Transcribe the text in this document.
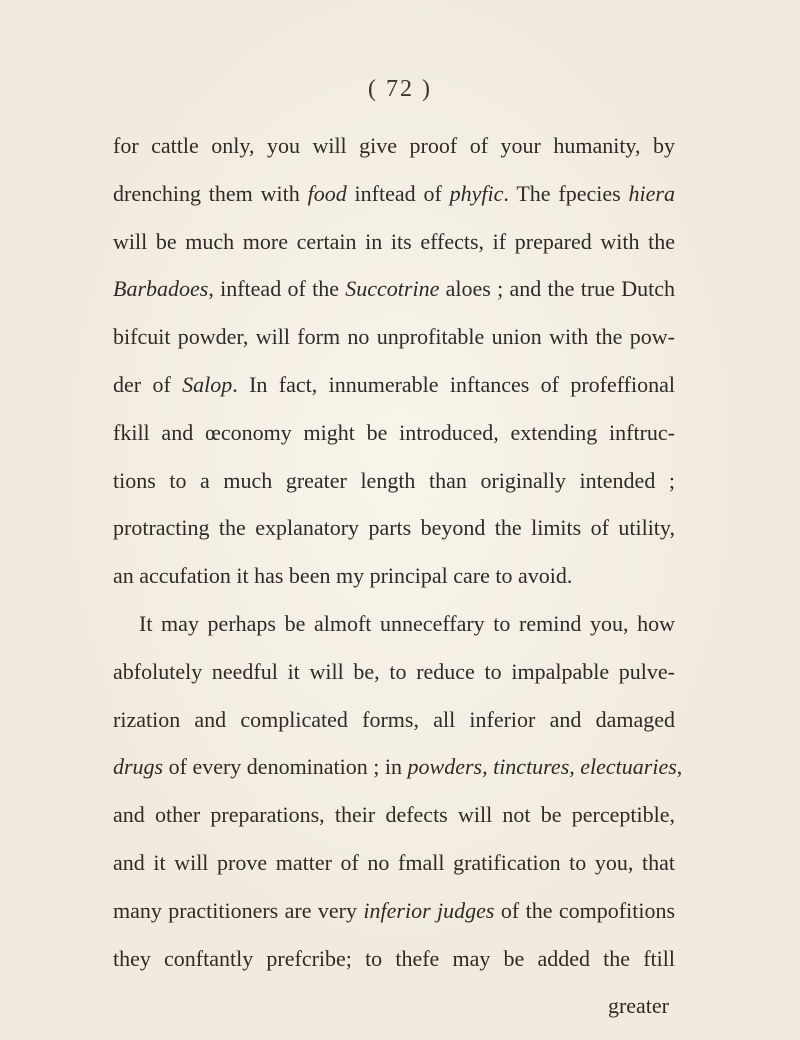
( 72 )
for cattle only, you will give proof of your humanity, by
drenching them with food inftead of phyfic. The fpecies hiera
will be much more certain in its effects, if prepared with the
Barbadoes, inftead of the Succotrine aloes ; and the true Dutch
bifcuit powder, will form no unprofitable union with the pow-
der of Salop. In fact, innumerable inftances of profeffional
fkill and œconomy might be introduced, extending inftruc-
tions to a much greater length than originally intended ;
protracting the explanatory parts beyond the limits of utility,
an accufation it has been my principal care to avoid.
It may perhaps be almoft unneceffary to remind you, how
abfolutely needful it will be, to reduce to impalpable pulve-
rization and complicated forms, all inferior and damaged
drugs of every denomination ; in powders, tinctures, electuaries,
and other preparations, their defects will not be perceptible,
and it will prove matter of no fmall gratification to you, that
many practitioners are very inferior judges of the compofitions
they conftantly prefcribe; to thefe may be added the ftill
greater
